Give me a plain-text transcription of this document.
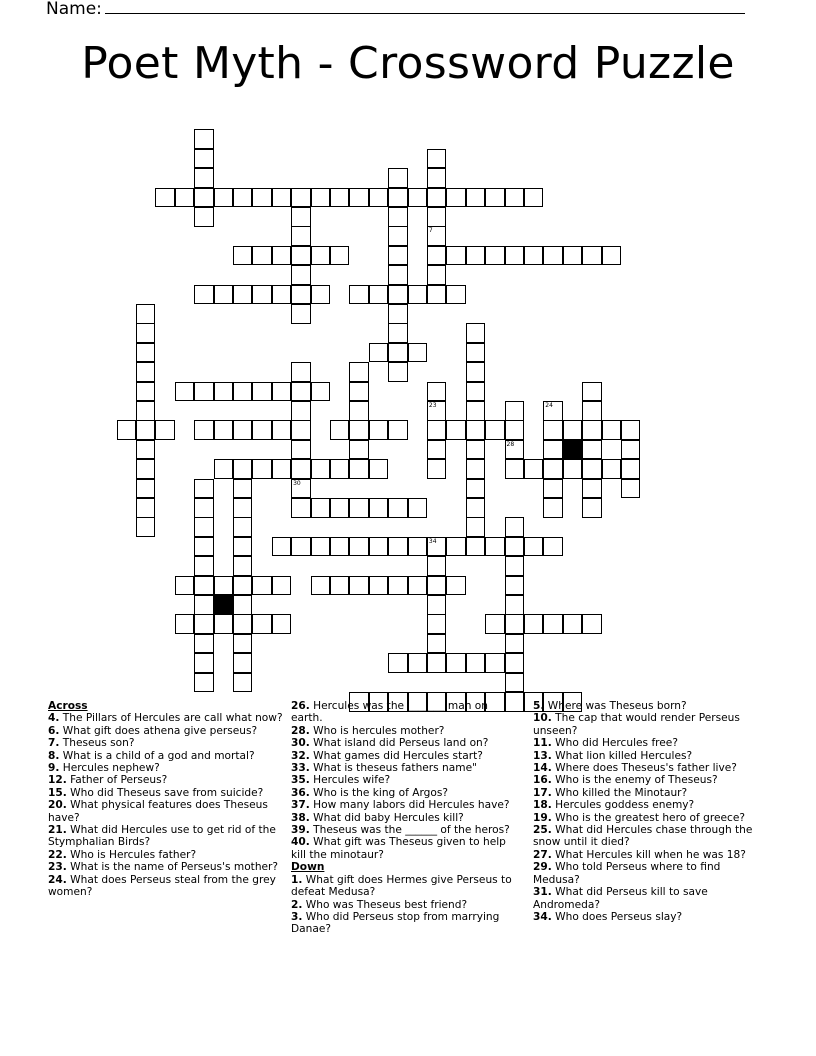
Name:
Poet Myth - Crossword Puzzle
34
7
30
23
28
24
Across
4. The Pillars of Hercules are call what now?
6. What gift does athena give perseus?
7. Theseus son?
8. What is a child of a god and mortal?
9. Hercules nephew?
12. Father of Perseus?
15. Who did Theseus save from suicide?
20. What physical features does Theseus have?
21. What did Hercules use to get rid of the Stymphalian Birds?
22. Who is Hercules father?
23. What is the name of Perseus's mother?
24. What does Perseus steal from the grey women?
26. Hercules was the _______ man on earth.
28. Who is hercules mother?
30. What island did Perseus land on?
32. What games did Hercules start?
33. What is theseus fathers name"
35. Hercules wife?
36. Who is the king of Argos?
37. How many labors did Hercules have?
38. What did baby Hercules kill?
39. Theseus was the ______ of the heros?
40. What gift was Theseus given to help kill the minotaur?
Down
1. What gift does Hermes give Perseus to defeat Medusa?
2. Who was Theseus best friend?
3. Who did Perseus stop from marrying Danae?
5. Where was Theseus born?
10. The cap that would render Perseus unseen?
11. Who did Hercules free?
13. What lion killed Hercules?
14. Where does Theseus's father live?
16. Who is the enemy of Theseus?
17. Who killed the Minotaur?
18. Hercules goddess enemy?
19. Who is the greatest hero of greece?
25. What did Hercules chase through the snow until it died?
27. What Hercules kill when he was 18?
29. Who told Perseus where to find Medusa?
31. What did Perseus kill to save Andromeda?
34. Who does Perseus slay?
